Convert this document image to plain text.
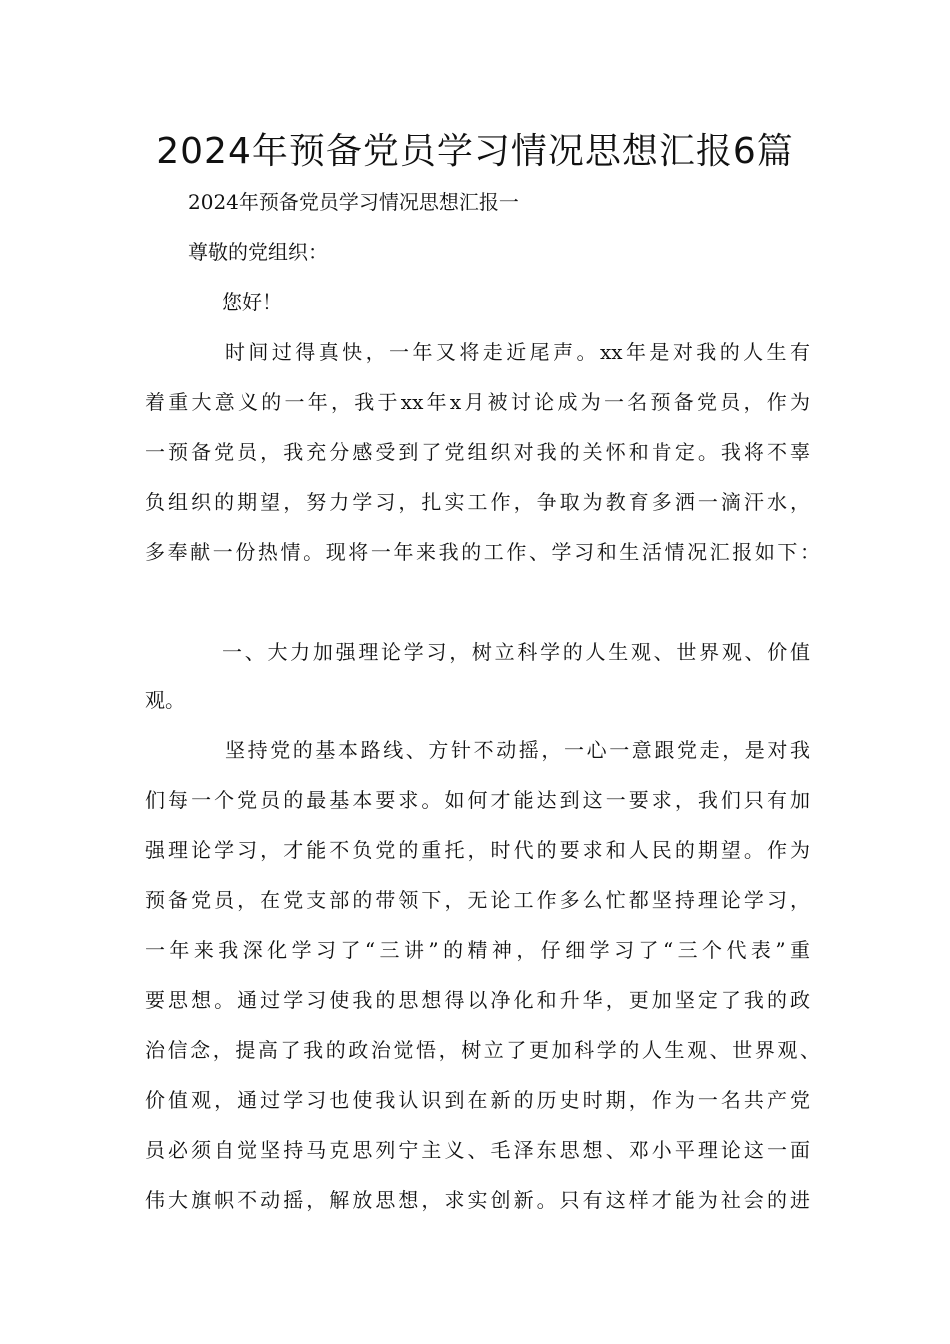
2024年预备党员学习情况思想汇报6篇
2024年预备党员学习情况思想汇报一
尊敬的党组织：
您好！
时间过得真快，一年又将走近尾声。xx年是对我的人生有
着重大意义的一年，我于xx年x月被讨论成为一名预备党员，作为
一预备党员，我充分感受到了党组织对我的关怀和肯定。我将不辜
负组织的期望，努力学习，扎实工作，争取为教育多洒一滴汗水，
多奉献一份热情。现将一年来我的工作、学习和生活情况汇报如下：
一、大力加强理论学习，树立科学的人生观、世界观、价值
观。
坚持党的基本路线、方针不动摇，一心一意跟党走，是对我
们每一个党员的最基本要求。如何才能达到这一要求，我们只有加
强理论学习，才能不负党的重托，时代的要求和人民的期望。作为
预备党员，在党支部的带领下，无论工作多么忙都坚持理论学习，
一年来我深化学习了“三讲”的精神，仔细学习了“三个代表”重
要思想。通过学习使我的思想得以净化和升华，更加坚定了我的政
治信念，提高了我的政治觉悟，树立了更加科学的人生观、世界观、
价值观，通过学习也使我认识到在新的历史时期，作为一名共产党
员必须自觉坚持马克思列宁主义、毛泽东思想、邓小平理论这一面
伟大旗帜不动摇，解放思想，求实创新。只有这样才能为社会的进
